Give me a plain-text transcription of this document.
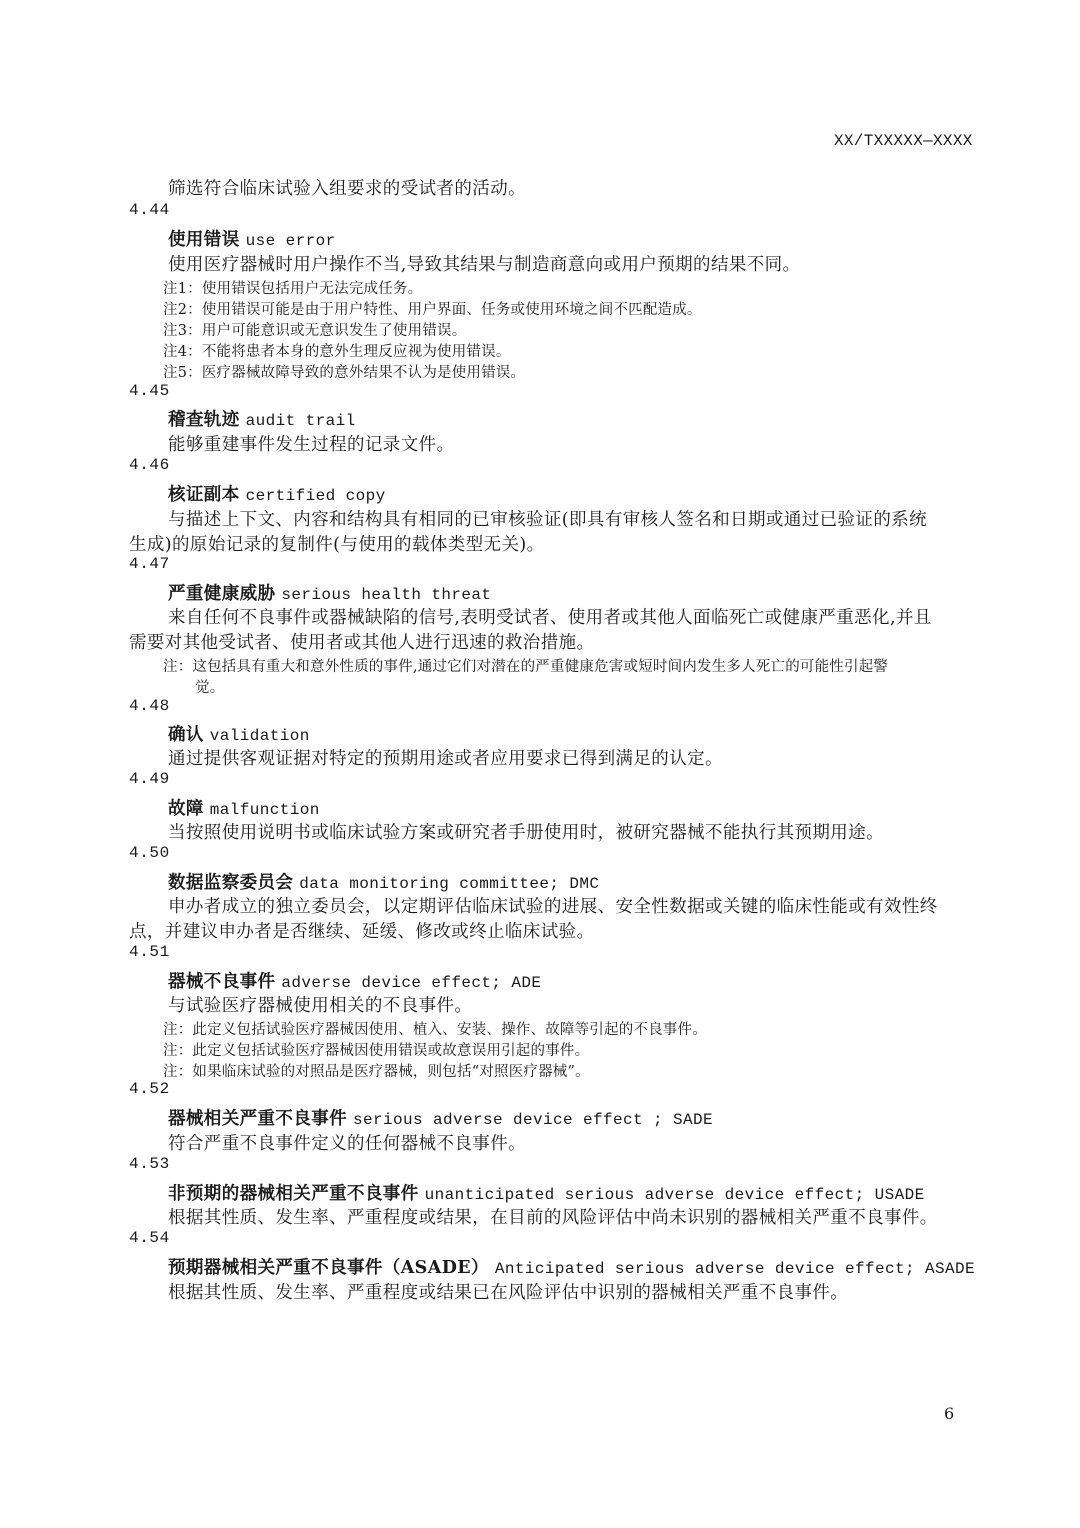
XX/TXXXXX—XXXX
筛选符合临床试验入组要求的受试者的活动。
4.44
使用错误 use error
使用医疗器械时用户操作不当,导致其结果与制造商意向或用户预期的结果不同。
注1：使用错误包括用户无法完成任务。
注2：使用错误可能是由于用户特性、用户界面、任务或使用环境之间不匹配造成。
注3：用户可能意识或无意识发生了使用错误。
注4：不能将患者本身的意外生理反应视为使用错误。
注5：医疗器械故障导致的意外结果不认为是使用错误。
4.45
稽查轨迹 audit trail
能够重建事件发生过程的记录文件。
4.46
核证副本 certified copy
与描述上下文、内容和结构具有相同的已审核验证(即具有审核人签名和日期或通过已验证的系统
生成)的原始记录的复制件(与使用的载体类型无关)。
4.47
严重健康威胁 serious health threat
来自任何不良事件或器械缺陷的信号,表明受试者、使用者或其他人面临死亡或健康严重恶化,并且
需要对其他受试者、使用者或其他人进行迅速的救治措施。
注：这包括具有重大和意外性质的事件,通过它们对潜在的严重健康危害或短时间内发生多人死亡的可能性引起警
觉。
4.48
确认 validation
通过提供客观证据对特定的预期用途或者应用要求已得到满足的认定。
4.49
故障 malfunction
当按照使用说明书或临床试验方案或研究者手册使用时，被研究器械不能执行其预期用途。
4.50
数据监察委员会 data monitoring committee; DMC
申办者成立的独立委员会，以定期评估临床试验的进展、安全性数据或关键的临床性能或有效性终
点，并建议申办者是否继续、延缓、修改或终止临床试验。
4.51
器械不良事件 adverse device effect; ADE
与试验医疗器械使用相关的不良事件。
注：此定义包括试验医疗器械因使用、植入、安装、操作、故障等引起的不良事件。
注：此定义包括试验医疗器械因使用错误或故意误用引起的事件。
注：如果临床试验的对照品是医疗器械，则包括“对照医疗器械”。
4.52
器械相关严重不良事件 serious adverse device effect ; SADE
符合严重不良事件定义的任何器械不良事件。
4.53
非预期的器械相关严重不良事件 unanticipated serious adverse device effect; USADE
根据其性质、发生率、严重程度或结果，在目前的风险评估中尚未识别的器械相关严重不良事件。
4.54
预期器械相关严重不良事件（ASADE） Anticipated serious adverse device effect; ASADE
根据其性质、发生率、严重程度或结果已在风险评估中识别的器械相关严重不良事件。
6
